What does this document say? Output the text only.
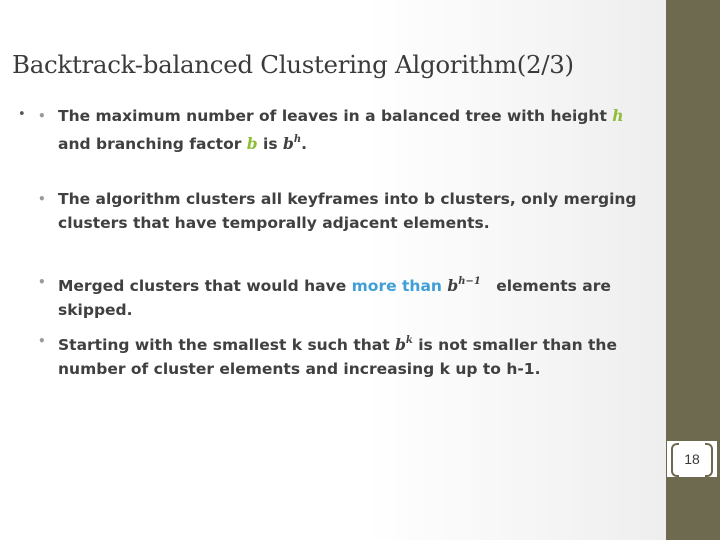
Backtrack-balanced Clustering Algorithm(2/3)
• • The maximum number of leaves in a balanced tree with height h and branching factor b is $b^h$.
• The algorithm clusters all keyframes into b clusters, only merging clusters that have temporally adjacent elements.
• Merged clusters that would have more than $b^{h-1}$ elements are skipped.
• Starting with the smallest k such that $b^k$ is not smaller than the number of cluster elements and increasing k up to h-1.
18
